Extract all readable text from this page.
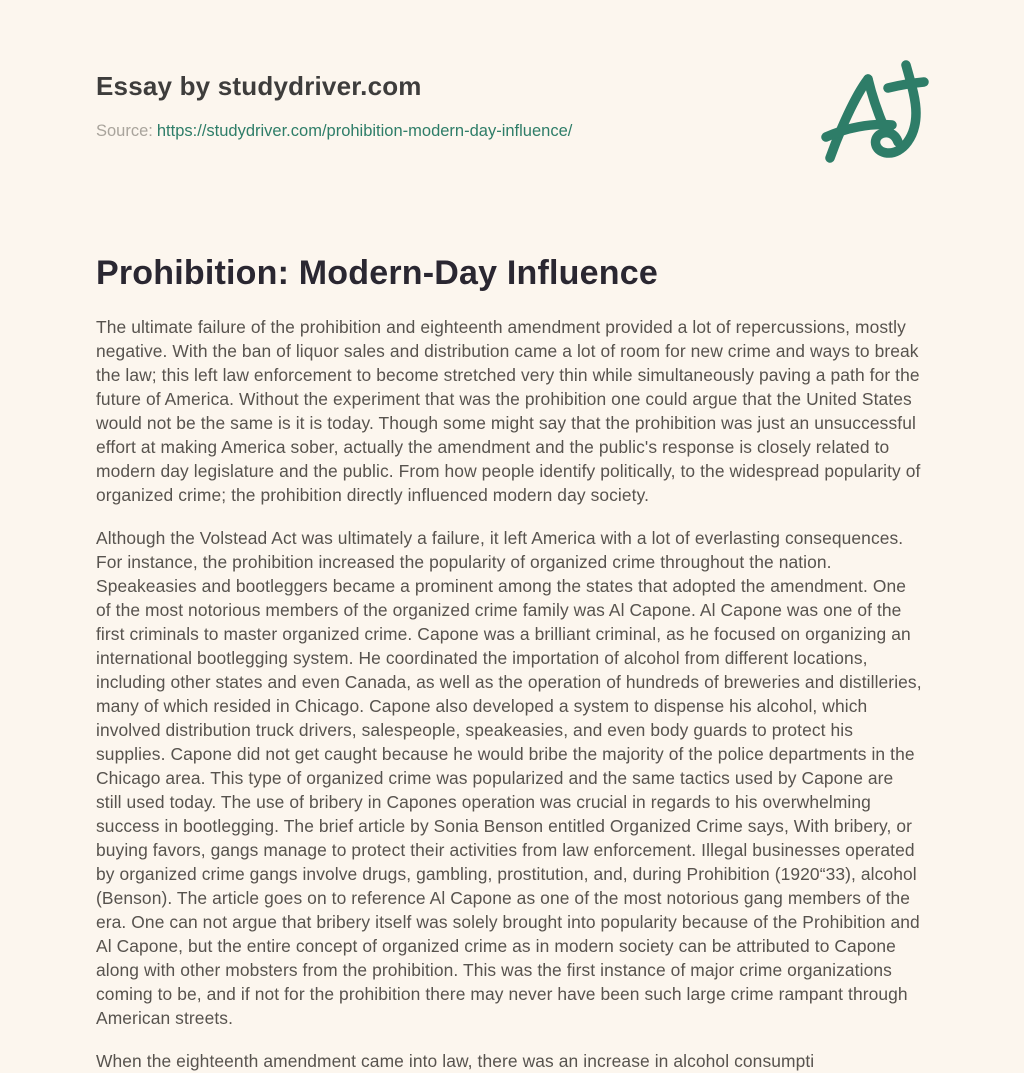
Essay by studydriver.com
Source: https://studydriver.com/prohibition-modern-day-influence/
Prohibition: Modern-Day Influence

The ultimate failure of the prohibition and eighteenth amendment provided a lot of repercussions, mostly negative. With the ban of liquor sales and distribution came a lot of room for new crime and ways to break the law; this left law enforcement to become stretched very thin while simultaneously paving a path for the future of America. Without the experiment that was the prohibition one could argue that the United States would not be the same is it is today. Though some might say that the prohibition was just an unsuccessful effort at making America sober, actually the amendment and the public's response is closely related to modern day legislature and the public. From how people identify politically, to the widespread popularity of organized crime; the prohibition directly influenced modern day society.

Although the Volstead Act was ultimately a failure, it left America with a lot of everlasting consequences. For instance, the prohibition increased the popularity of organized crime throughout the nation. Speakeasies and bootleggers became a prominent among the states that adopted the amendment. One of the most notorious members of the organized crime family was Al Capone. Al Capone was one of the first criminals to master organized crime. Capone was a brilliant criminal, as he focused on organizing an international bootlegging system. He coordinated the importation of alcohol from different locations, including other states and even Canada, as well as the operation of hundreds of breweries and distilleries, many of which resided in Chicago. Capone also developed a system to dispense his alcohol, which involved distribution truck drivers, salespeople, speakeasies, and even body guards to protect his supplies. Capone did not get caught because he would bribe the majority of the police departments in the Chicago area. This type of organized crime was popularized and the same tactics used by Capone are still used today. The use of bribery in Capones operation was crucial in regards to his overwhelming success in bootlegging. The brief article by Sonia Benson entitled Organized Crime says, With bribery, or buying favors, gangs manage to protect their activities from law enforcement. Illegal businesses operated by organized crime gangs involve drugs, gambling, prostitution, and, during Prohibition (1920“33), alcohol (Benson). The article goes on to reference Al Capone as one of the most notorious gang members of the era. One can not argue that bribery itself was solely brought into popularity because of the Prohibition and Al Capone, but the entire concept of organized crime as in modern society can be attributed to Capone along with other mobsters from the prohibition. This was the first instance of major crime organizations coming to be, and if not for the prohibition there may never have been such large crime rampant through American streets.

When the eighteenth amendment came into law, there was an increase in alcohol consumpti
